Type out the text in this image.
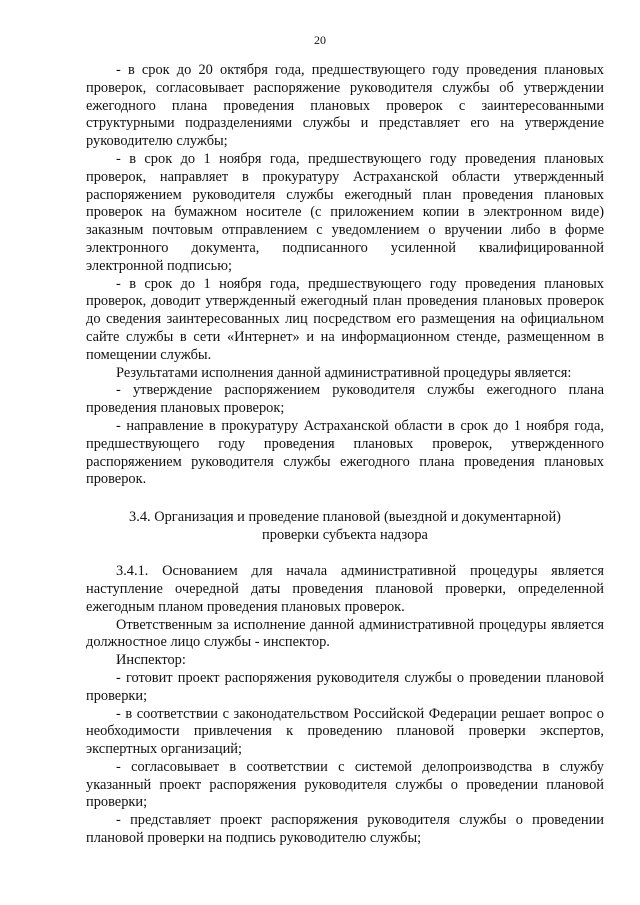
20

- в срок до 20 октября года, предшествующего году проведения плановых проверок, согласовывает распоряжение руководителя службы об утверждении ежегодного плана проведения плановых проверок с заинтересованными структурными подразделениями службы и представляет его на утверждение руководителю службы;

- в срок до 1 ноября года, предшествующего году проведения плановых проверок, направляет в прокуратуру Астраханской области утвержденный распоряжением руководителя службы ежегодный план проведения плановых проверок на бумажном носителе (с приложением копии в электронном виде) заказным почтовым отправлением с уведомлением о вручении либо в форме электронного документа, подписанного усиленной квалифицированной электронной подписью;

- в срок до 1 ноября года, предшествующего году проведения плановых проверок, доводит утвержденный ежегодный план проведения плановых проверок до сведения заинтересованных лиц посредством его размещения на официальном сайте службы в сети «Интернет» и на информационном стенде, размещенном в помещении службы.

Результатами исполнения данной административной процедуры является:

- утверждение распоряжением руководителя службы ежегодного плана проведения плановых проверок;

- направление в прокуратуру Астраханской области в срок до 1 ноября года, предшествующего году проведения плановых проверок, утвержденного распоряжением руководителя службы ежегодного плана проведения плановых проверок.

3.4. Организация и проведение плановой (выездной и документарной)
проверки субъекта надзора

3.4.1. Основанием для начала административной процедуры является наступление очередной даты проведения плановой проверки, определенной ежегодным планом проведения плановых проверок.

Ответственным за исполнение данной административной процедуры является должностное лицо службы - инспектор.

Инспектор:

- готовит проект распоряжения руководителя службы о проведении плановой проверки;

- в соответствии с законодательством Российской Федерации решает вопрос о необходимости привлечения к проведению плановой проверки экспертов, экспертных организаций;

- согласовывает в соответствии с системой делопроизводства в службу указанный проект распоряжения руководителя службы о проведении плановой проверки;

- представляет проект распоряжения руководителя службы о проведении плановой проверки на подпись руководителю службы;
